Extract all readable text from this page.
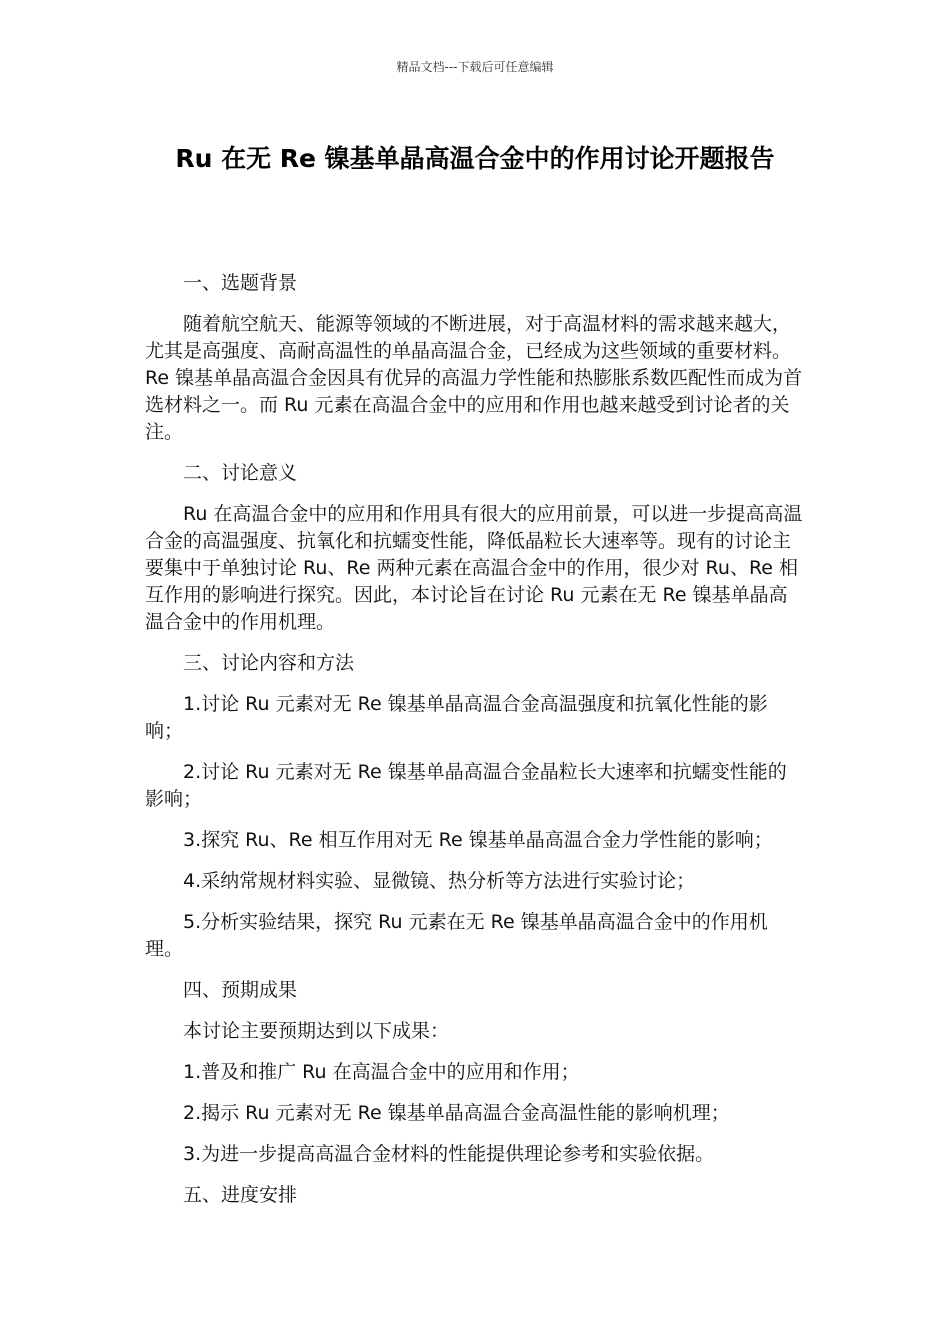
精品文档---下载后可任意编辑
Ru 在无 Re 镍基单晶高温合金中的作用讨论开题报告

一、选题背景

随着航空航天、能源等领域的不断进展，对于高温材料的需求越来越大，尤其是高强度、高耐高温性的单晶高温合金，已经成为这些领域的重要材料。Re 镍基单晶高温合金因具有优异的高温力学性能和热膨胀系数匹配性而成为首选材料之一。而 Ru 元素在高温合金中的应用和作用也越来越受到讨论者的关注。

二、讨论意义

Ru 在高温合金中的应用和作用具有很大的应用前景，可以进一步提高高温合金的高温强度、抗氧化和抗蠕变性能，降低晶粒长大速率等。现有的讨论主要集中于单独讨论 Ru、Re 两种元素在高温合金中的作用，很少对 Ru、Re 相互作用的影响进行探究。因此，本讨论旨在讨论 Ru 元素在无 Re 镍基单晶高温合金中的作用机理。

三、讨论内容和方法

1.讨论 Ru 元素对无 Re 镍基单晶高温合金高温强度和抗氧化性能的影响；

2.讨论 Ru 元素对无 Re 镍基单晶高温合金晶粒长大速率和抗蠕变性能的影响；

3.探究 Ru、Re 相互作用对无 Re 镍基单晶高温合金力学性能的影响；

4.采纳常规材料实验、显微镜、热分析等方法进行实验讨论；

5.分析实验结果，探究 Ru 元素在无 Re 镍基单晶高温合金中的作用机理。

四、预期成果

本讨论主要预期达到以下成果：

1.普及和推广 Ru 在高温合金中的应用和作用；

2.揭示 Ru 元素对无 Re 镍基单晶高温合金高温性能的影响机理；

3.为进一步提高高温合金材料的性能提供理论参考和实验依据。

五、进度安排
